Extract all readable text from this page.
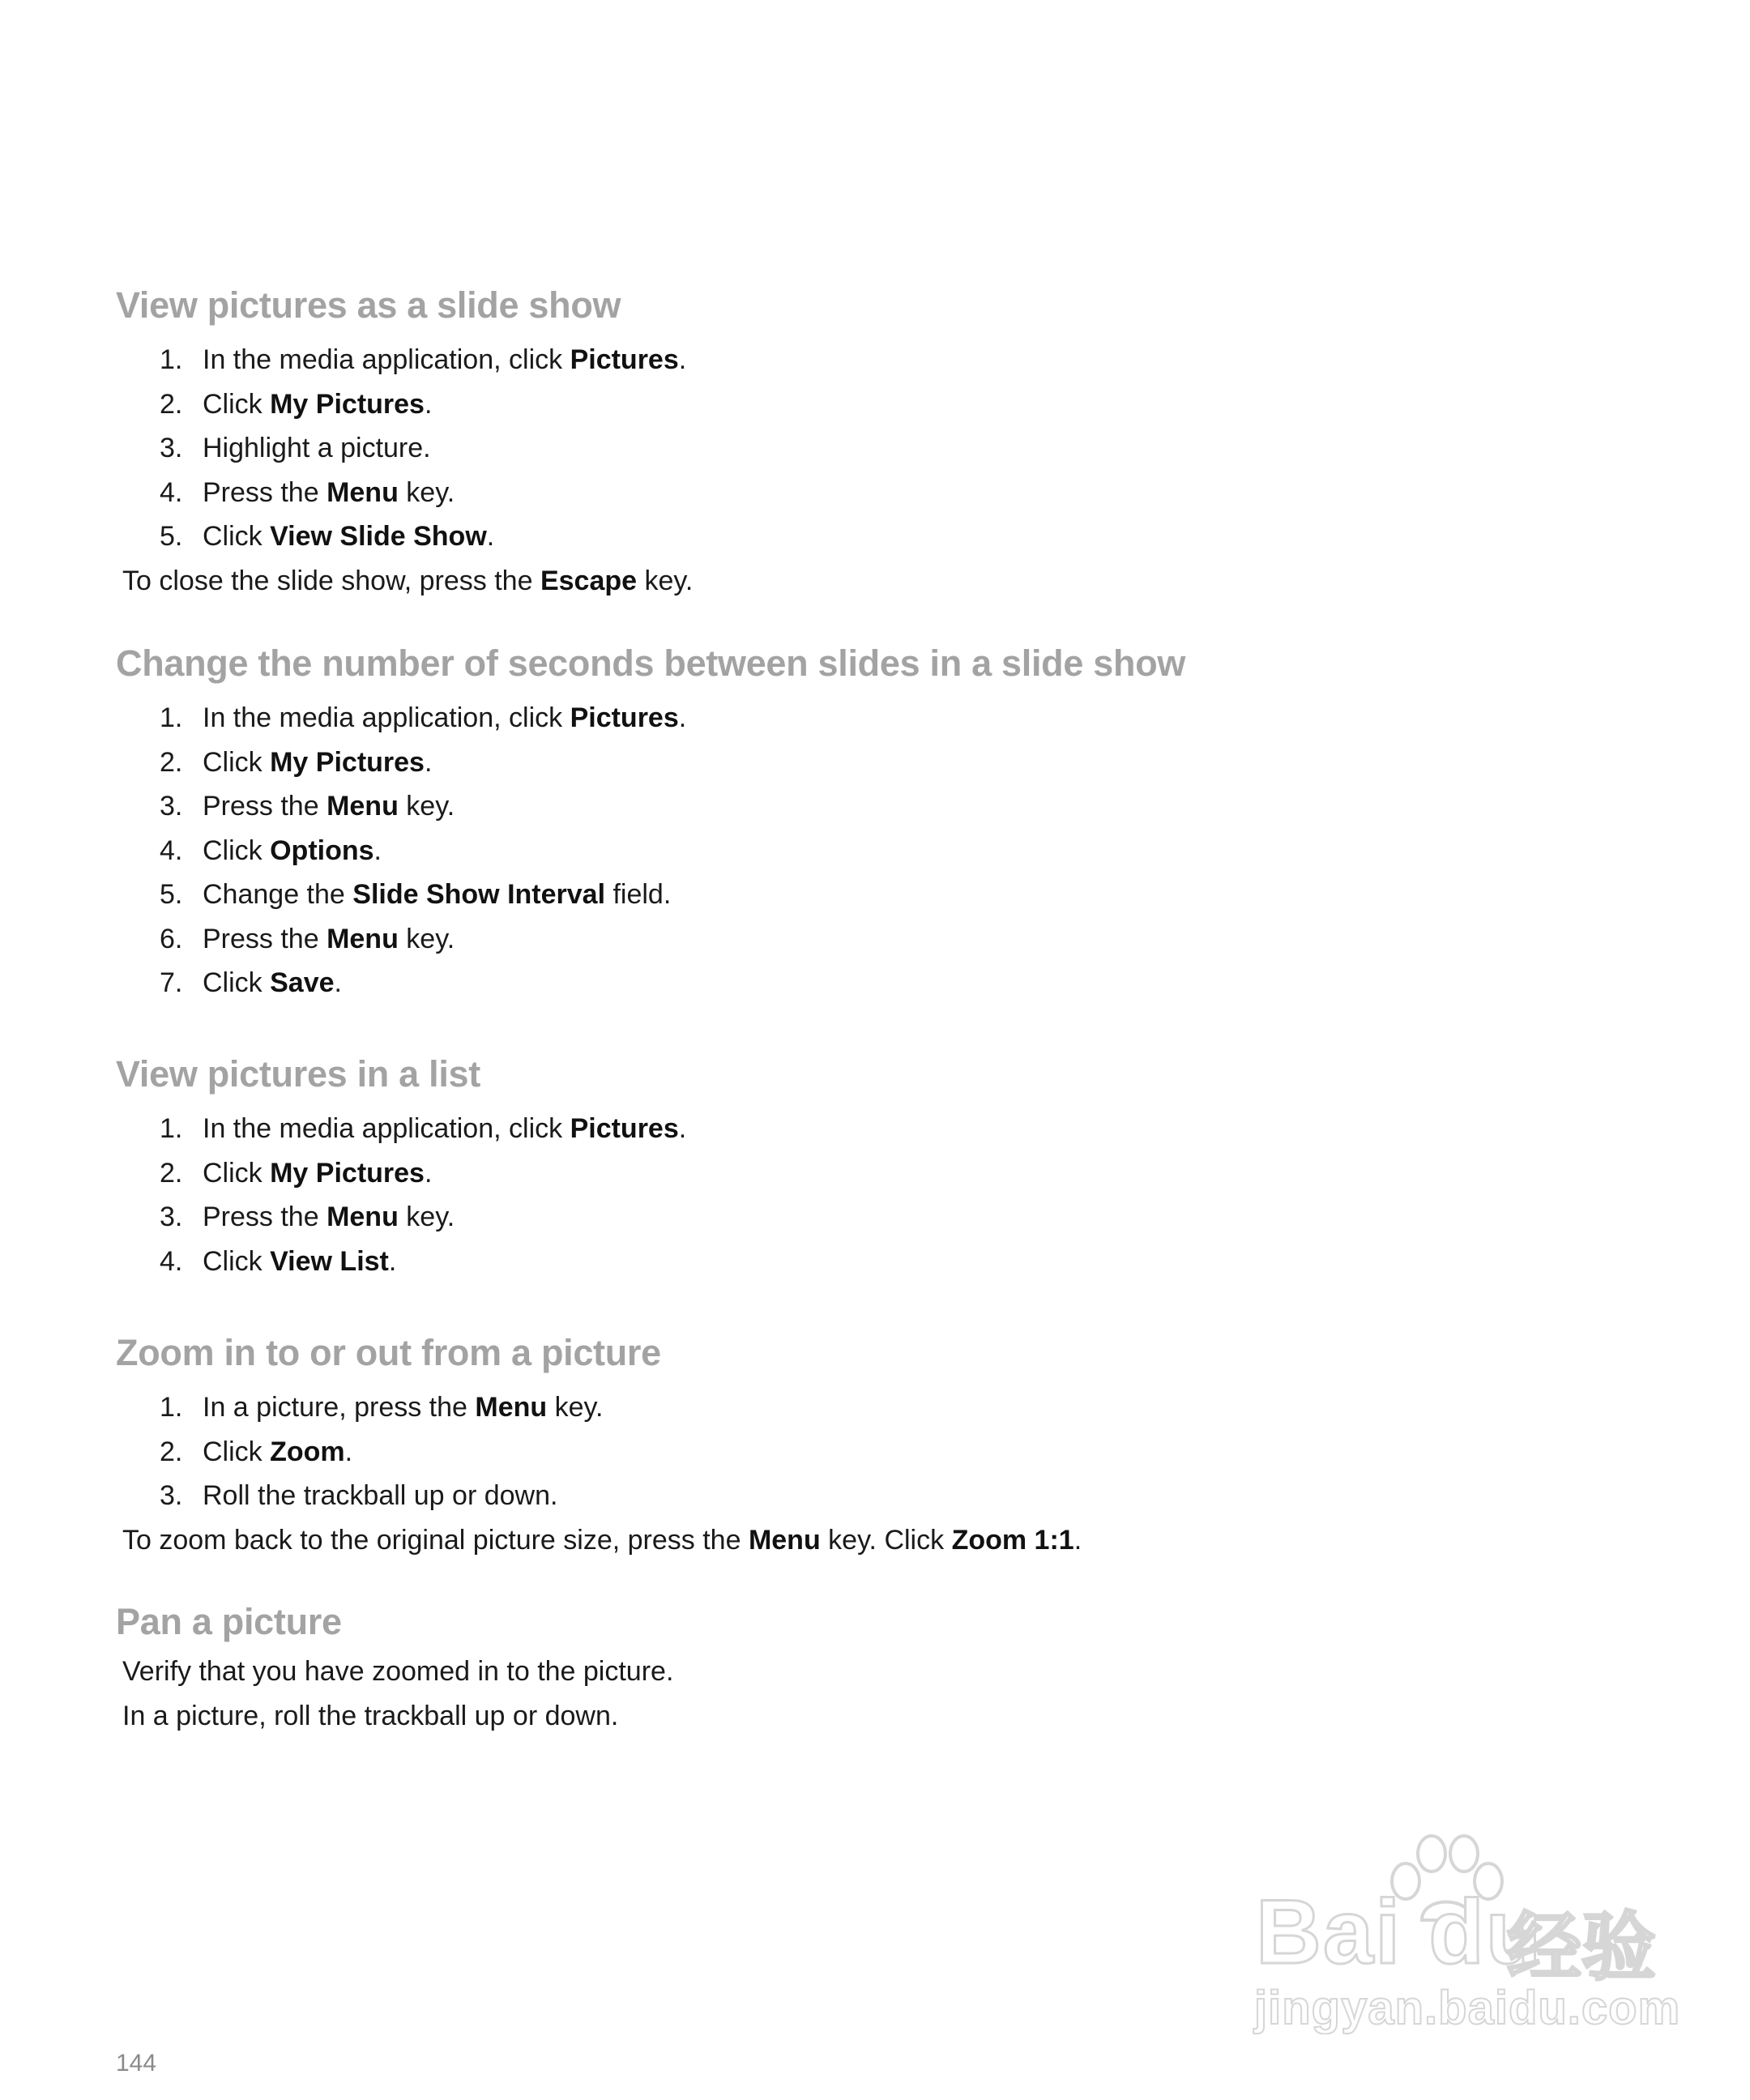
View pictures as a slide show
1. In the media application, click Pictures.
2. Click My Pictures.
3. Highlight a picture.
4. Press the Menu key.
5. Click View Slide Show.
To close the slide show, press the Escape key.
Change the number of seconds between slides in a slide show
1. In the media application, click Pictures.
2. Click My Pictures.
3. Press the Menu key.
4. Click Options.
5. Change the Slide Show Interval field.
6. Press the Menu key.
7. Click Save.
View pictures in a list
1. In the media application, click Pictures.
2. Click My Pictures.
3. Press the Menu key.
4. Click View List.
Zoom in to or out from a picture
1. In a picture, press the Menu key.
2. Click Zoom.
3. Roll the trackball up or down.
To zoom back to the original picture size, press the Menu key. Click Zoom 1:1.
Pan a picture
Verify that you have zoomed in to the picture.
In a picture, roll the trackball up or down.
144
Bai du
经验
jingyan.baidu.com
